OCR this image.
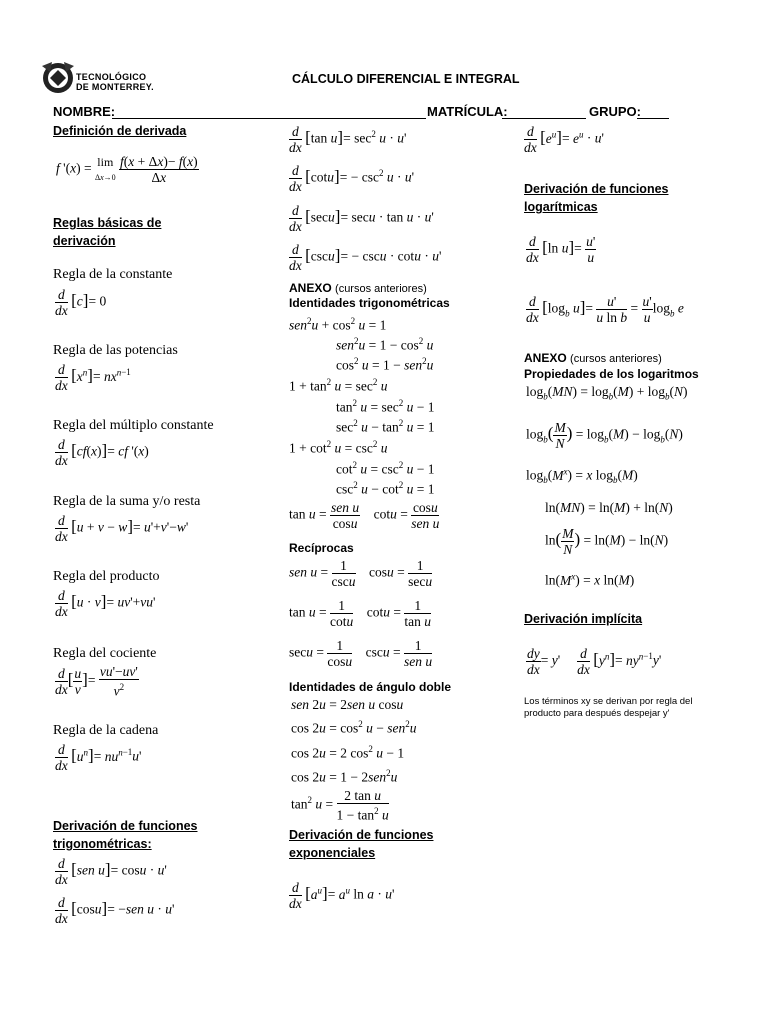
TECNOLÓGICO
DE MONTERREY.
CÁLCULO DIFERENCIAL E INTEGRAL
NOMBRE:	MATRÍCULA:	GRUPO:
Definición de derivada
f '(x) = lim
Δx→0
$\frac{f(x + \Delta x)- f(x)}{\Delta x}$
Reglas básicas de
derivación
Regla de la constante
$\frac{d}{dx} [c]= 0$
Regla de las potencias
$\frac{d}{dx} [x^n]= nx^{n-1}$
Regla del múltiplo constante
$\frac{d}{dx} [cf(x)]=$ cf '(x)
Regla de la suma y/o resta
$\frac{d}{dx} [u + v - w]= u'+v'-w'$
Regla del producto
$\frac{d}{dx} [u \cdot v]= uv'+vu'$
Regla del cociente
$\frac{d}{dx}$ [ $\frac{u}{v}$ ]= $\frac{vu'-uv'}{v^2}$
Regla de la cadena
$\frac{d}{dx} [u^n]= nu^{n-1}u'$
Derivación de funciones
trigonométricas:
$\frac{d}{dx} [sen$ u]= cosu · u'
$\frac{d}{dx} [\cos u]= -sen$ u · u'
$\frac{d}{dx} [\tan$ $u]= \sec^2 u \cdot u'$
$\frac{d}{dx} [\cot u]= - \csc^2 u \cdot u'$
$\frac{d}{dx} [\sec u]= \sec u \cdot \tan u \cdot u'$
$\frac{d}{dx} [\csc u]= - \csc u \cdot \cot u \cdot u'$
ANEXO (cursos anteriores)
Identidades trigonométricas
$sen^2u + \cos^2 u = 1$
$sen^2u = 1 - \cos^2 u$
$\cos^2 u = 1 - sen^2u$
$1 + \tan^2 u = \sec^2 u$
$\tan^2 u = \sec^2 u - 1$
$\sec^2 u - \tan^2 u = 1$
$1 + \cot^2 u = \csc^2 u$
$\cot^2 u = \csc^2 u - 1$
$\csc^2 u - \cot^2 u = 1$
tan u = sen u
cosu
cotu = cosu
sen u
Recíprocas
sen u = 1
cscu
cosu = 1
secu
$\tan u = \frac{1}{\cot u}$ $\cot u = \frac{1}{\text{tan u}}$
$\sec u = \frac{1}{\cos u}$ cscu = 1
sen u
Identidades de ángulo doble
sen 2u = 2sen u cosu
$\cos 2u = \cos^2 u - sen^2u$
cos 2u = 2 $\cos^2 u - 1$
cos 2u = 1 − 2sen$^2$u
$\tan^2 u = \frac{\text{2 tan u}}{1 - \tan^2 u}$
Derivación de funciones
exponenciales
$\frac{d}{dx} [a^u]= a^u$ ln a · u'
$\frac{d}{dx} [e^u]= e^u \cdot u'$
Derivación de funciones
logarítmicas
$\frac{d}{dx} [\ln$ $u]= \frac{u'}{u}$
$\frac{d}{dx} [\log_b$ $u]= \frac{u'}{\text{u ln b}} = \frac{u'}{u} \log_b e$
ANEXO (cursos anteriores)
Propiedades de los logaritmos
$\log_b(MN) = \log_b(M) + \log_b(N)$
$\log_b( \frac{M}{N}$ ) = $\log_b(M) - \log_b(N)$
$\log_b(M^x) = x$ $\log_b(M)$
ln(MN) = ln(M) + ln(N)
$\ln( \frac{M}{N}$ ) = ln(M) − ln(N)
$\ln(M^x) = x$ ln(M)
Derivación implícita
$\frac{dy}{dx} = y' \frac{d}{dx} [y^n]= ny^{n-1}y'$
Los términos xy se derivan por regla del producto para después despejar y'
